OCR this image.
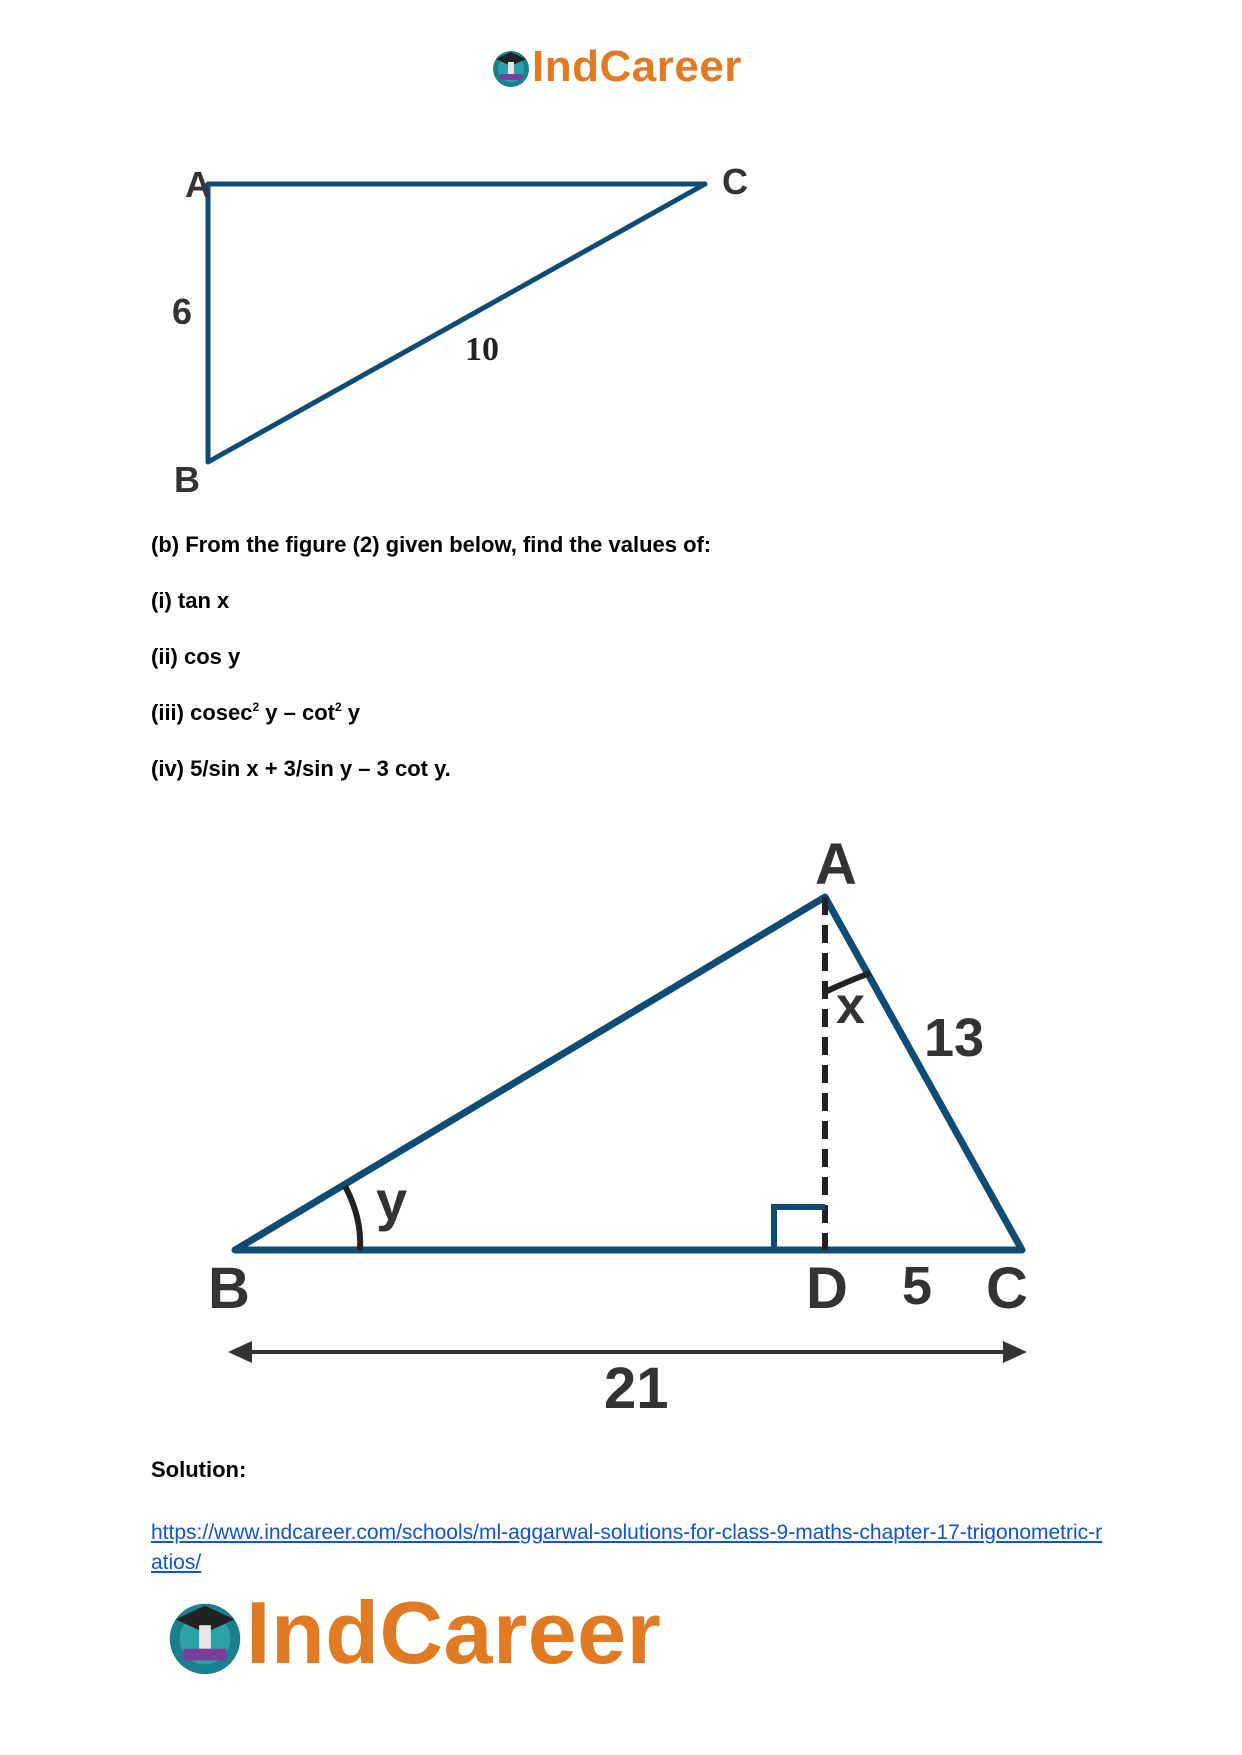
IndCareer
A	C
B
6
10
(b) From the figure (2) given below, find the values of:
(i) tan x
(ii) cos y
(iii) cosec$^2$ y – $\cot^2 y$
(iv) 5/sin x + 3/sin y – 3 cot y.
A
B	D C
x
y
13
5
21
Solution:
https://www.indcareer.com/schools/ml-aggarwal-solutions-for-class-9-maths-chapter-17-trigonometric-ratios/
IndCareer
